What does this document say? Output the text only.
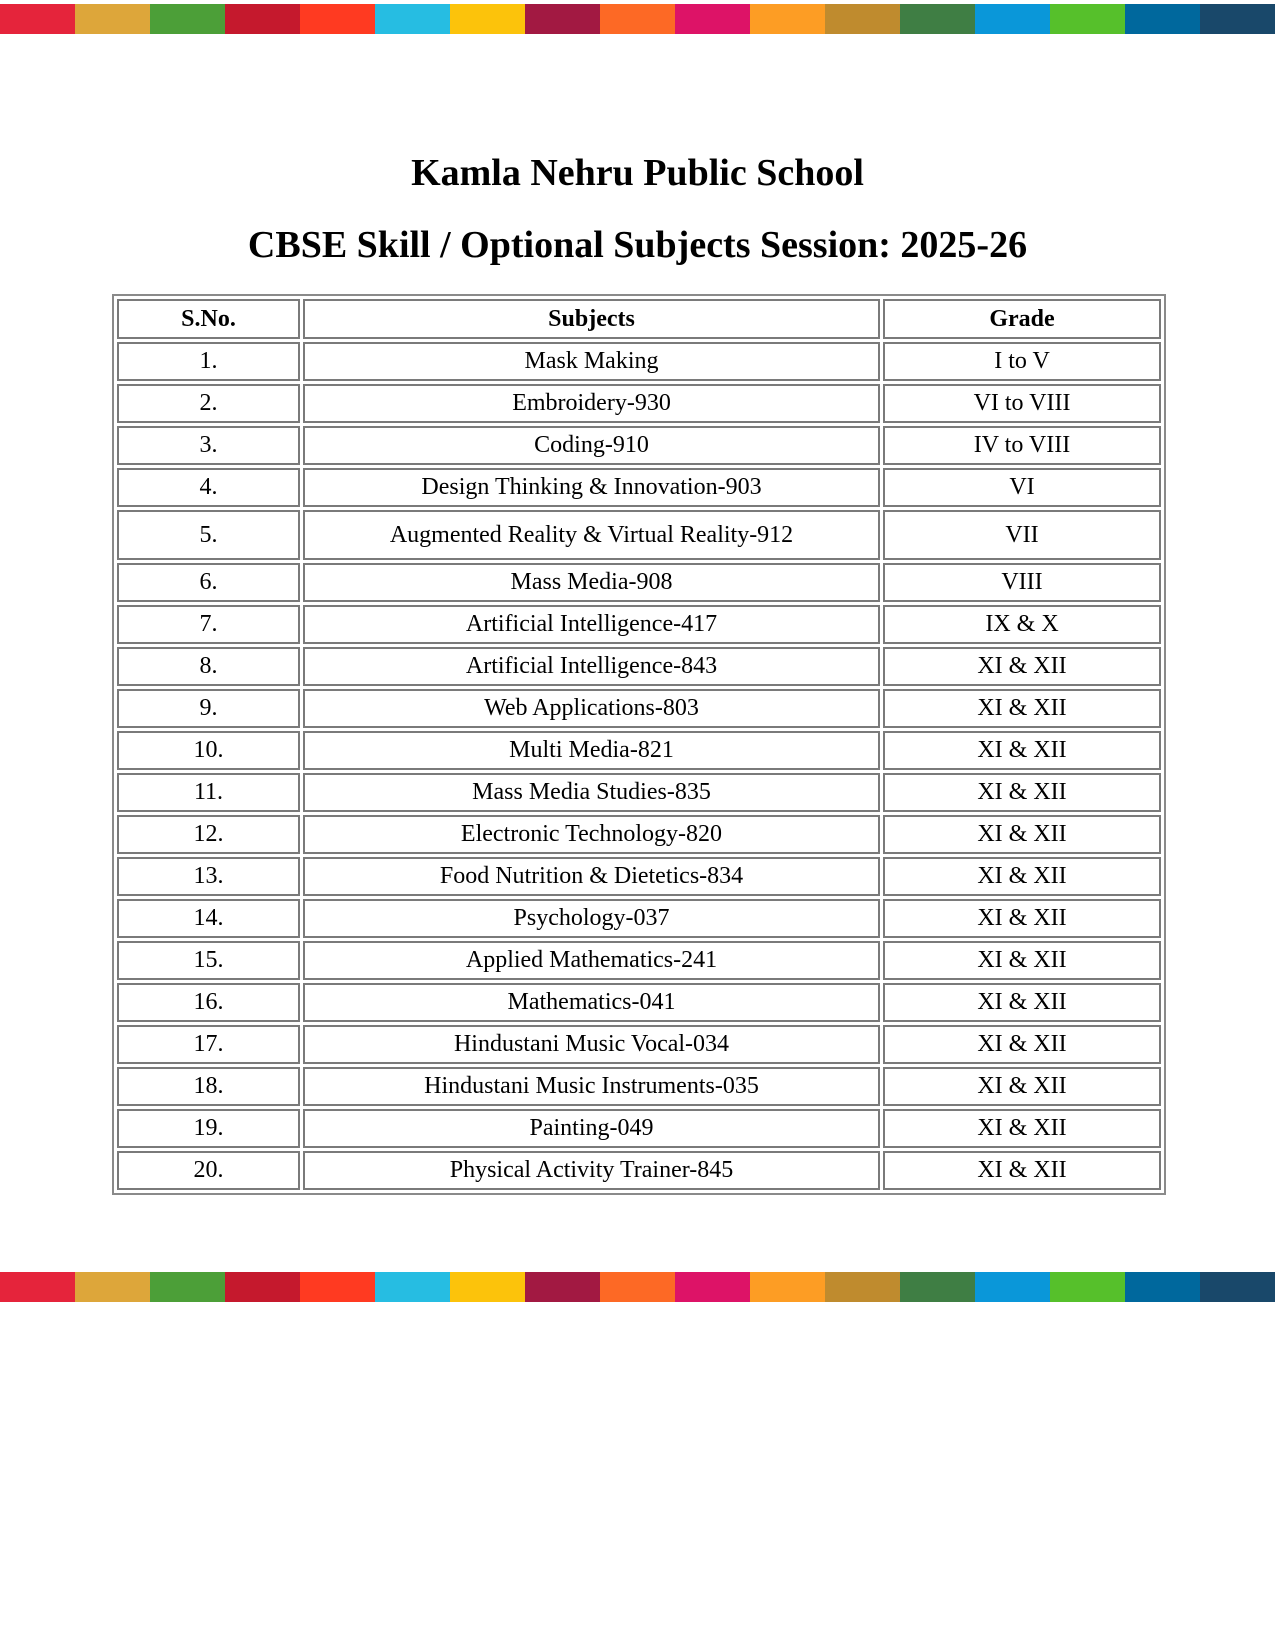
Kamla Nehru Public School
CBSE Skill / Optional Subjects Session: 2025-26
S.No.	Subjects	Grade
1.	Mask Making	I to V
2.	Embroidery-930	VI to VIII
3.	Coding-910	IV to VIII
4.	Design Thinking & Innovation-903	VI
5.	Augmented Reality & Virtual Reality-912	VII
6.	Mass Media-908	VIII
7.	Artificial Intelligence-417	IX & X
8.	Artificial Intelligence-843	XI & XII
9.	Web Applications-803	XI & XII
10.	Multi Media-821	XI & XII
11.	Mass Media Studies-835	XI & XII
12.	Electronic Technology-820	XI & XII
13.	Food Nutrition & Dietetics-834	XI & XII
14.	Psychology-037	XI & XII
15.	Applied Mathematics-241	XI & XII
16.	Mathematics-041	XI & XII
17.	Hindustani Music Vocal-034	XI & XII
18.	Hindustani Music Instruments-035	XI & XII
19.	Painting-049	XI & XII
20.	Physical Activity Trainer-845	XI & XII
